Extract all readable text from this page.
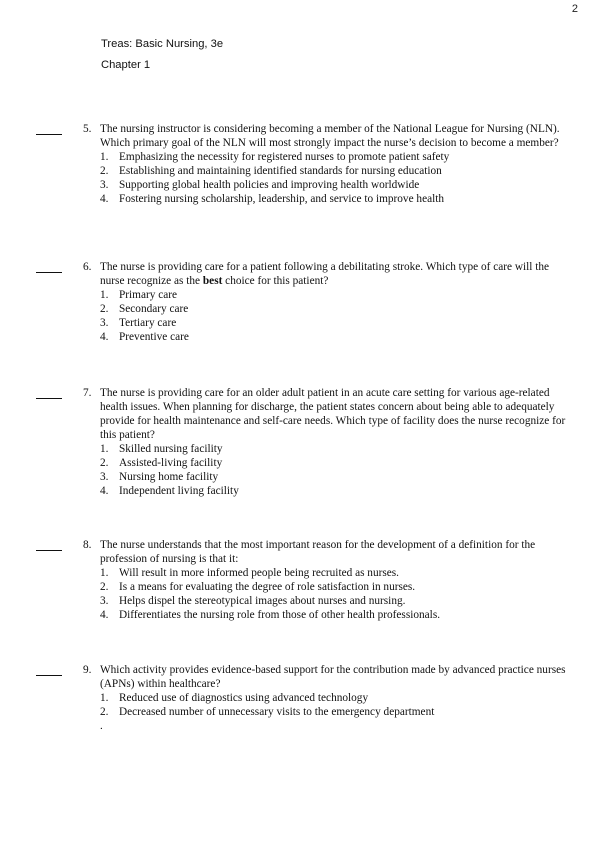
2
Treas: Basic Nursing, 3e
Chapter 1
5. The nursing instructor is considering becoming a member of the National League for Nursing (NLN). Which primary goal of the NLN will most strongly impact the nurse’s decision to become a member?
1. Emphasizing the necessity for registered nurses to promote patient safety
2. Establishing and maintaining identified standards for nursing education
3. Supporting global health policies and improving health worldwide
4. Fostering nursing scholarship, leadership, and service to improve health
6. The nurse is providing care for a patient following a debilitating stroke. Which type of care will the nurse recognize as the best choice for this patient?
1. Primary care
2. Secondary care
3. Tertiary care
4. Preventive care
7. The nurse is providing care for an older adult patient in an acute care setting for various age-related health issues. When planning for discharge, the patient states concern about being able to adequately provide for health maintenance and self-care needs. Which type of facility does the nurse recognize for this patient?
1. Skilled nursing facility
2. Assisted-living facility
3. Nursing home facility
4. Independent living facility
8. The nurse understands that the most important reason for the development of a definition for the profession of nursing is that it:
1. Will result in more informed people being recruited as nurses.
2. Is a means for evaluating the degree of role satisfaction in nurses.
3. Helps dispel the stereotypical images about nurses and nursing.
4. Differentiates the nursing role from those of other health professionals.
9. Which activity provides evidence-based support for the contribution made by advanced practice nurses (APNs) within healthcare?
1. Reduced use of diagnostics using advanced technology
2. Decreased number of unnecessary visits to the emergency department
.
